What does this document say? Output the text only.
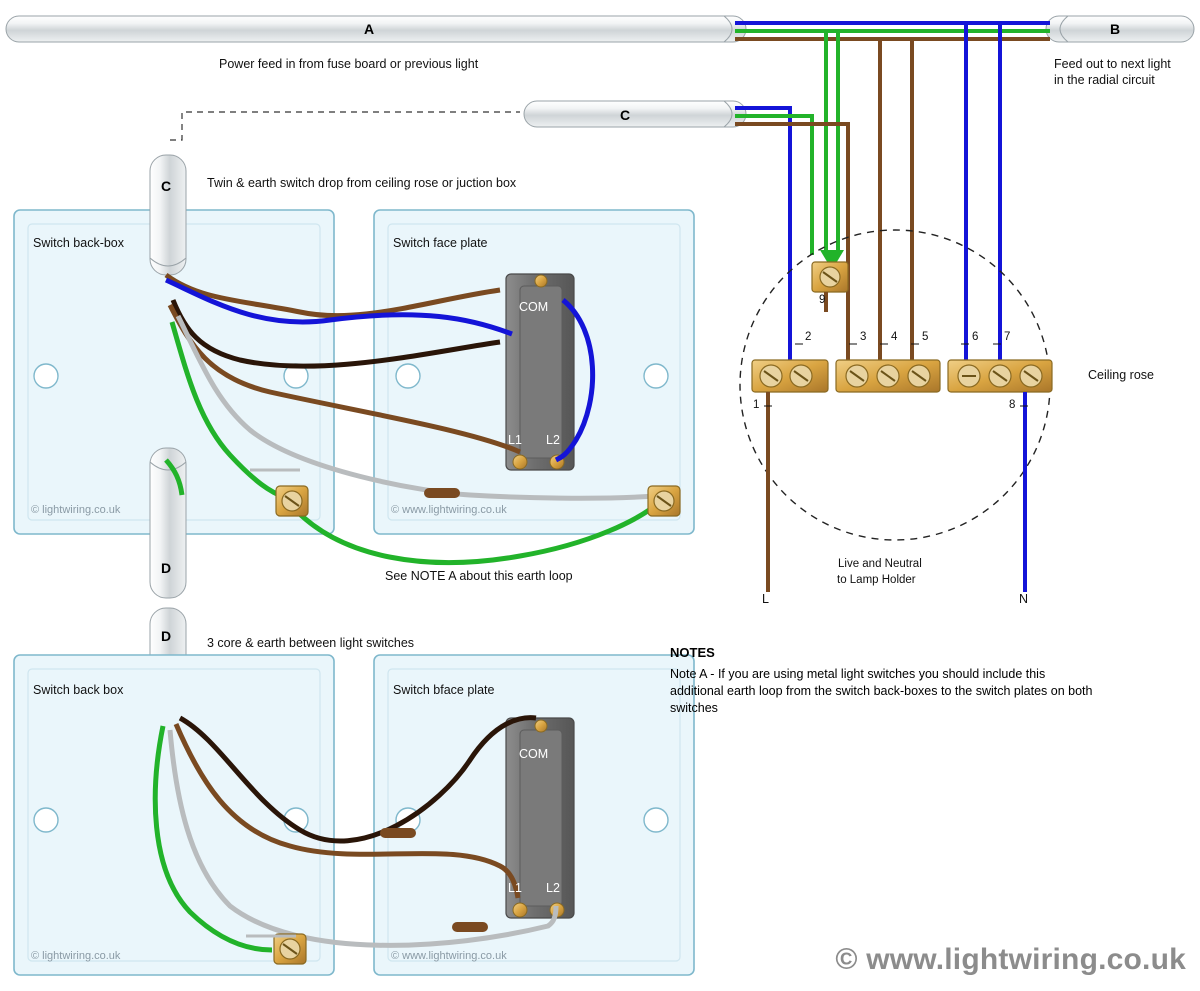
A
Power feed in from fuse board or previous light
B
Feed out to next light
in the radial circuit
C
C	Twin & earth switch drop from ceiling rose or juction box
D
D	3 core & earth between light switches
Switch back-box	Switch face plate
COM
L1 L2
© lightwiring.co.uk	© www.lightwiring.co.uk
See NOTE A about this earth loop
Switch back box	Switch bface plate
COM
L1 L2
© lightwiring.co.uk	© www.lightwiring.co.uk
Ceiling rose
Live and Neutral
to Lamp Holder
2	3 4 5	6 7
1	8
9
L	N
NOTES
Note A - If you are using metal light switches you should include this additional earth loop from the switch back-boxes to the switch plates on both switches
© www.lightwiring.co.uk
